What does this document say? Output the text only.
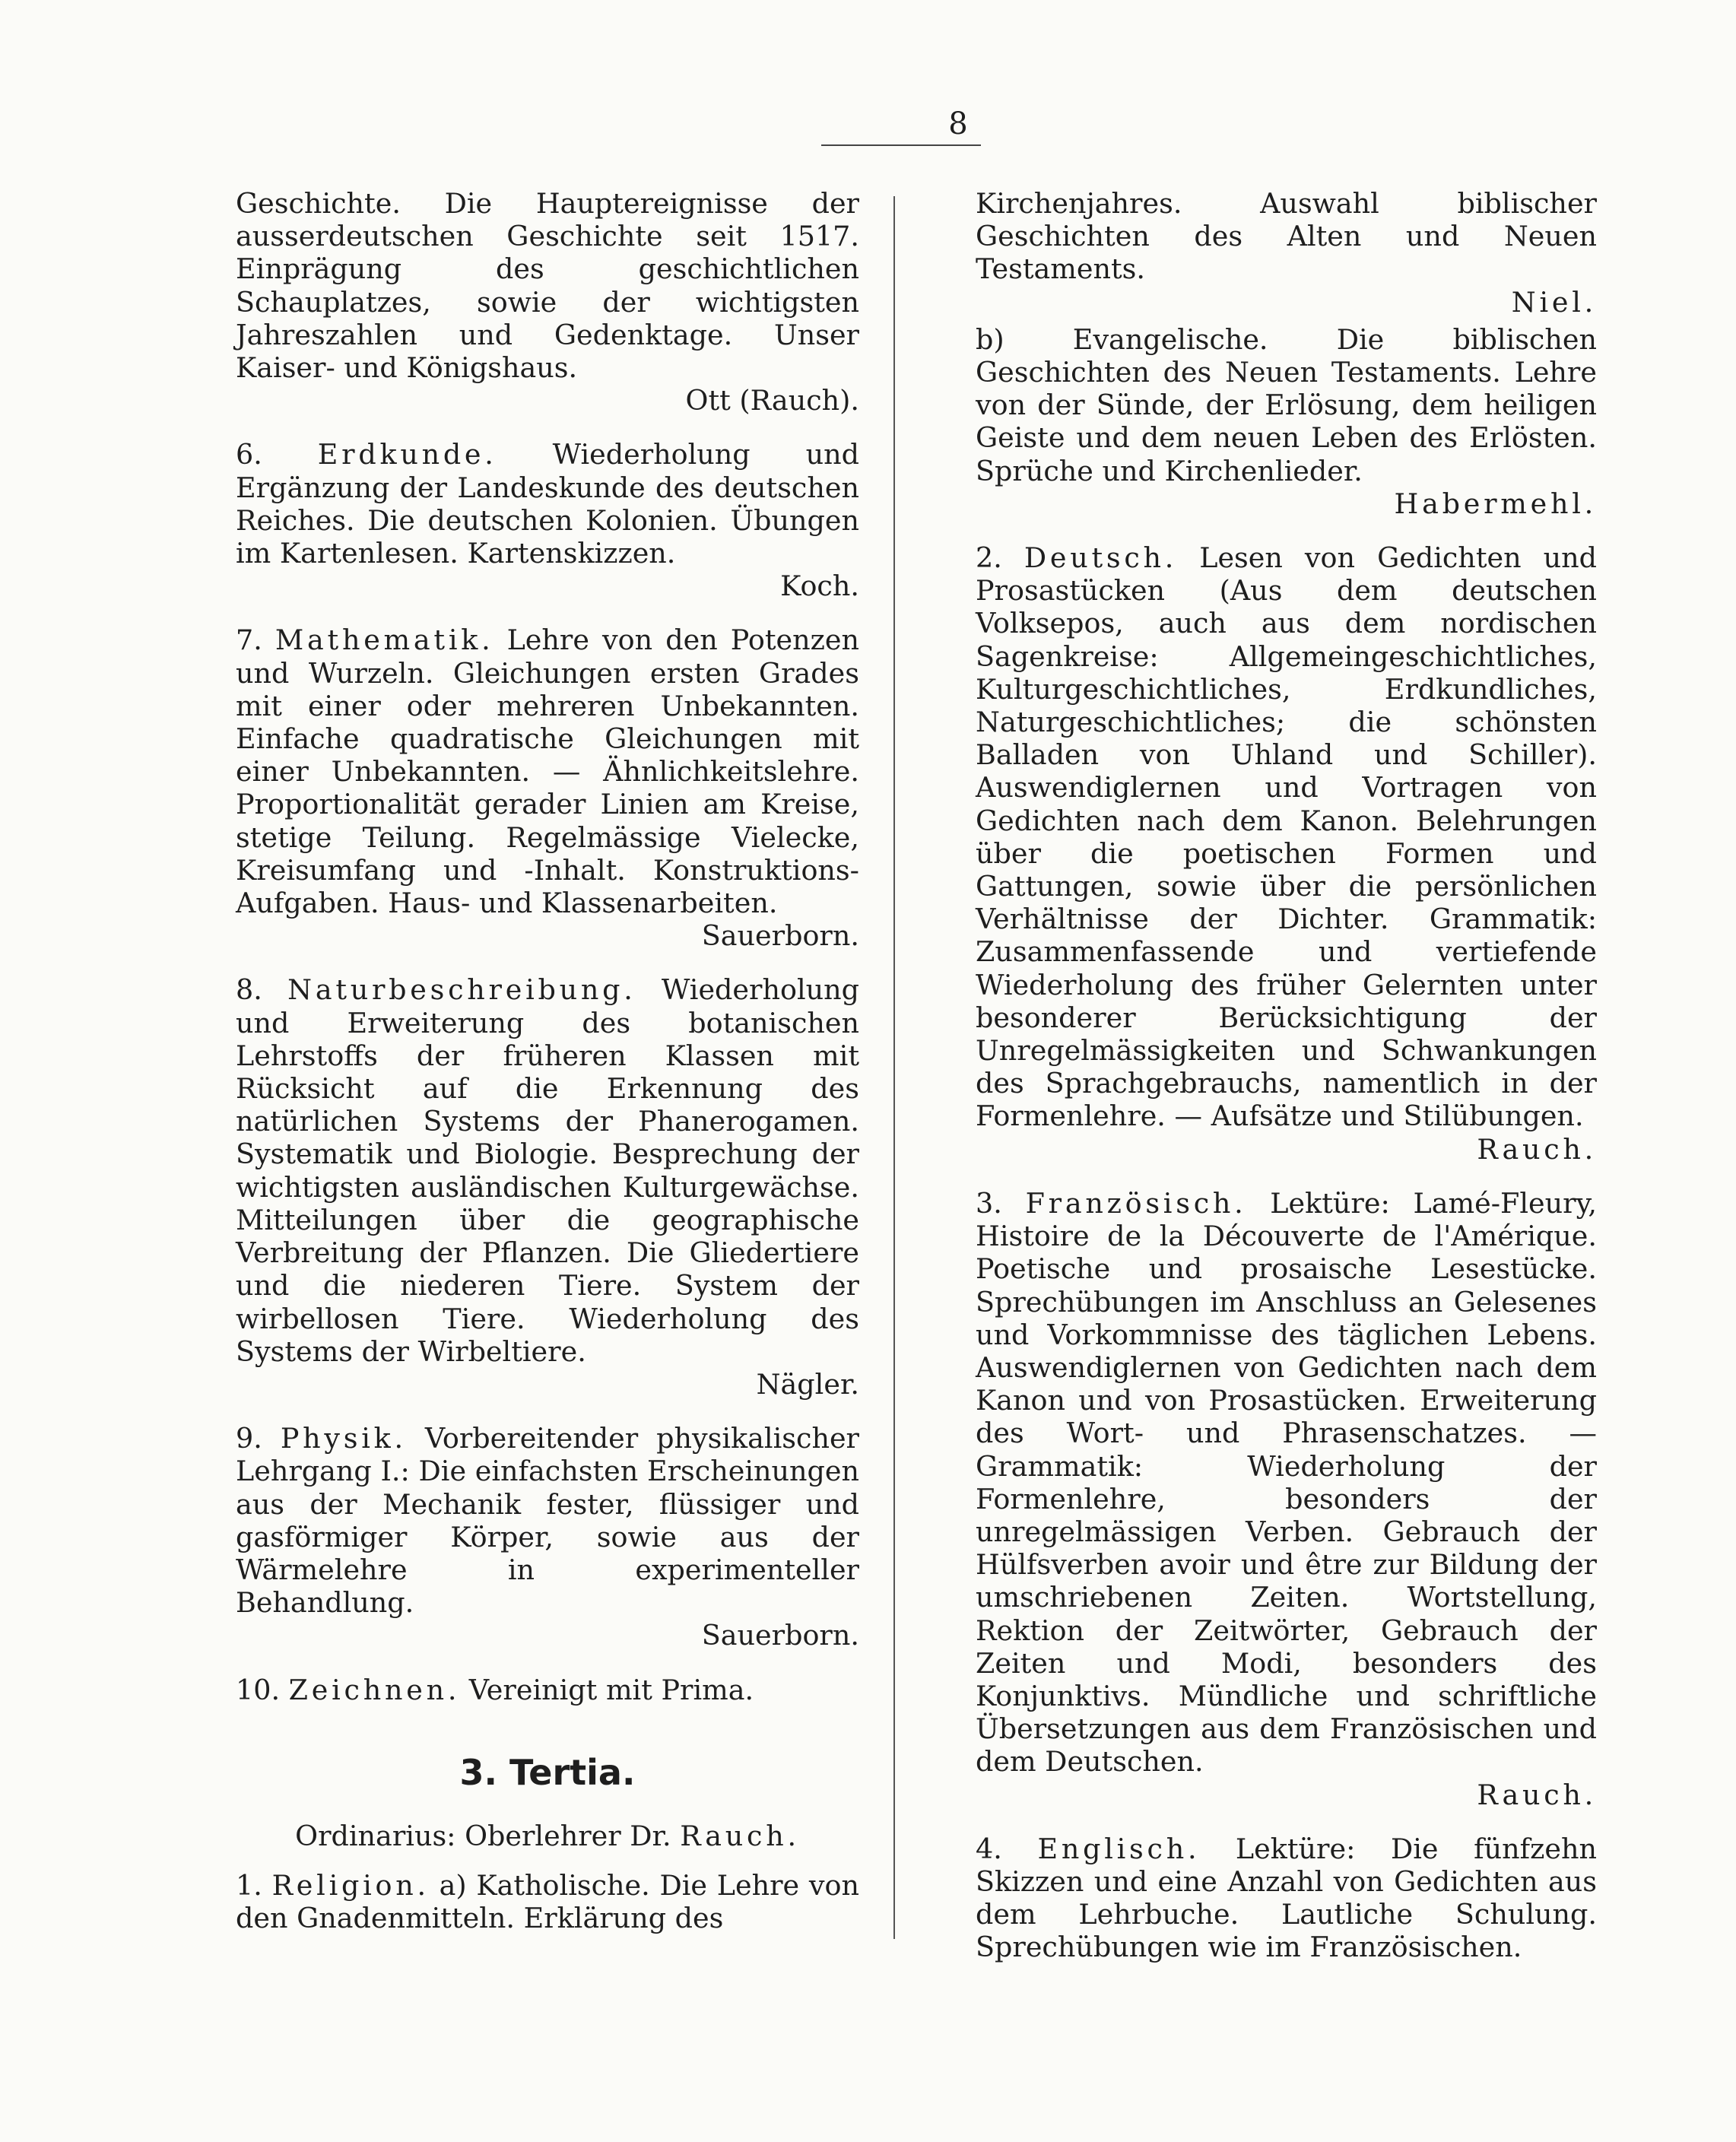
8

Geschichte. Die Hauptereignisse der ausserdeutschen Geschichte seit 1517. Einprägung des geschichtlichen Schauplatzes, sowie der wichtigsten Jahreszahlen und Gedenktage. Unser Kaiser- und Königshaus.

Ott (Rauch).

6. Erdkunde. Wiederholung und Ergänzung der Landeskunde des deutschen Reiches. Die deutschen Kolonien. Übungen im Kartenlesen. Kartenskizzen.

Koch.

7. Mathematik. Lehre von den Potenzen und Wurzeln. Gleichungen ersten Grades mit einer oder mehreren Unbekannten. Einfache quadratische Gleichungen mit einer Unbekannten. — Ähnlichkeitslehre. Proportionalität gerader Linien am Kreise, stetige Teilung. Regelmässige Vielecke, Kreisumfang und -Inhalt. Konstruktions-Aufgaben. Haus- und Klassenarbeiten.

Sauerborn.

8. Naturbeschreibung. Wiederholung und Erweiterung des botanischen Lehrstoffs der früheren Klassen mit Rücksicht auf die Erkennung des natürlichen Systems der Phanerogamen. Systematik und Biologie. Besprechung der wichtigsten ausländischen Kulturgewächse. Mitteilungen über die geographische Verbreitung der Pflanzen. Die Gliedertiere und die niederen Tiere. System der wirbellosen Tiere. Wiederholung des Systems der Wirbeltiere.

Nägler.

9. Physik. Vorbereitender physikalischer Lehrgang I.: Die einfachsten Erscheinungen aus der Mechanik fester, flüssiger und gasförmiger Körper, sowie aus der Wärmelehre in experimenteller Behandlung.

Sauerborn.

10. Zeichnen. Vereinigt mit Prima.

3. Tertia.

Ordinarius: Oberlehrer Dr. Rauch.

1. Religion. a) Katholische. Die Lehre von den Gnadenmitteln. Erklärung des

Kirchenjahres. Auswahl biblischer Geschichten des Alten und Neuen Testaments.

Niel.

b) Evangelische. Die biblischen Geschichten des Neuen Testaments. Lehre von der Sünde, der Erlösung, dem heiligen Geiste und dem neuen Leben des Erlösten. Sprüche und Kirchenlieder.

Habermehl.

2. Deutsch. Lesen von Gedichten und Prosastücken (Aus dem deutschen Volksepos, auch aus dem nordischen Sagenkreise: Allgemeingeschichtliches, Kulturgeschichtliches, Erdkundliches, Naturgeschichtliches; die schönsten Balladen von Uhland und Schiller). Auswendiglernen und Vortragen von Gedichten nach dem Kanon. Belehrungen über die poetischen Formen und Gattungen, sowie über die persönlichen Verhältnisse der Dichter. Grammatik: Zusammenfassende und vertiefende Wiederholung des früher Gelernten unter besonderer Berücksichtigung der Unregelmässigkeiten und Schwankungen des Sprachgebrauchs, namentlich in der Formenlehre. — Aufsätze und Stilübungen.

Rauch.

3. Französisch. Lektüre: Lamé-Fleury, Histoire de la Découverte de l'Amérique. Poetische und prosaische Lesestücke. Sprechübungen im Anschluss an Gelesenes und Vorkommnisse des täglichen Lebens. Auswendiglernen von Gedichten nach dem Kanon und von Prosastücken. Erweiterung des Wort- und Phrasenschatzes. — Grammatik: Wiederholung der Formenlehre, besonders der unregelmässigen Verben. Gebrauch der Hülfsverben avoir und être zur Bildung der umschriebenen Zeiten. Wortstellung, Rektion der Zeitwörter, Gebrauch der Zeiten und Modi, besonders des Konjunktivs. Mündliche und schriftliche Übersetzungen aus dem Französischen und dem Deutschen.

Rauch.

4. Englisch. Lektüre: Die fünfzehn Skizzen und eine Anzahl von Gedichten aus dem Lehrbuche. Lautliche Schulung. Sprechübungen wie im Französischen.
